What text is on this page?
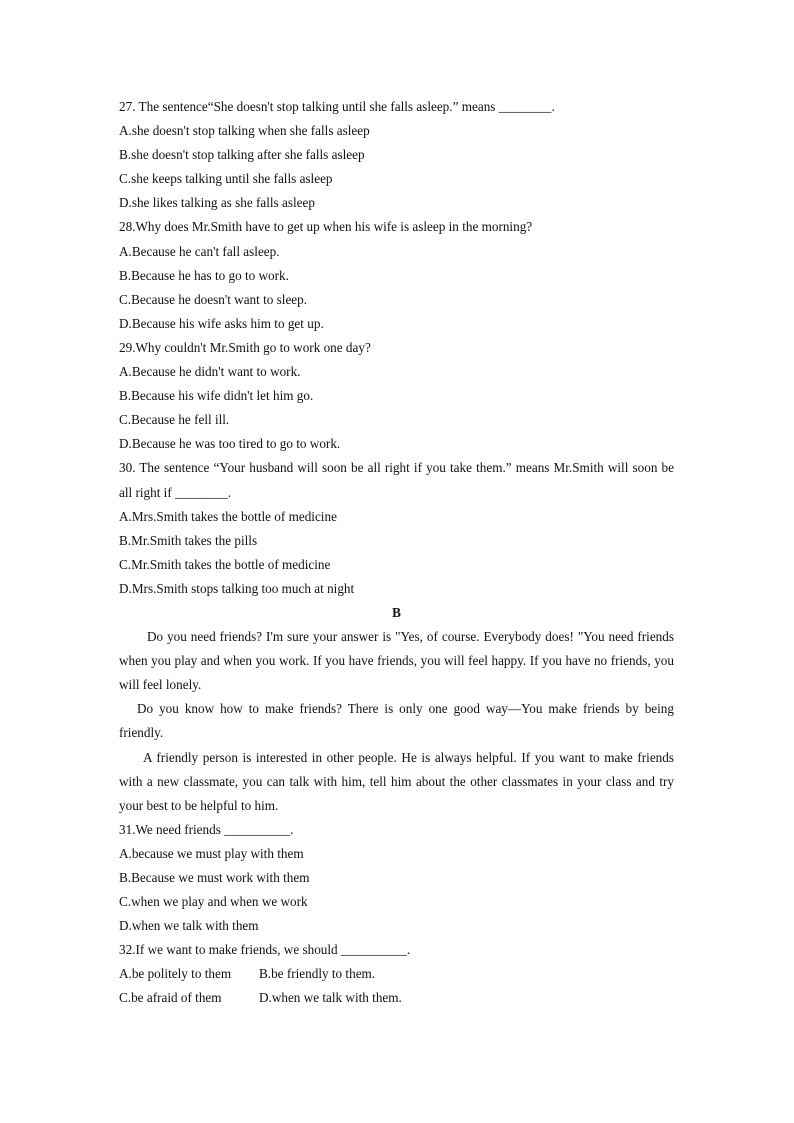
27. The sentence“She doesn't stop talking until she falls asleep.” means ________.
A.she doesn't stop talking when she falls asleep
B.she doesn't stop talking after she falls asleep
C.she keeps talking until she falls asleep
D.she likes talking as she falls asleep
28.Why does Mr.Smith have to get up when his wife is asleep in the morning?
A.Because he can't fall asleep.
B.Because he has to go to work.
C.Because he doesn't want to sleep.
D.Because his wife asks him to get up.
29.Why couldn't Mr.Smith go to work one day?
A.Because he didn't want to work.
B.Because his wife didn't let him go.
C.Because he fell ill.
D.Because he was too tired to go to work.
30. The sentence “Your husband will soon be all right if you take them.” means Mr.Smith will soon be all right if ________.
A.Mrs.Smith takes the bottle of medicine
B.Mr.Smith takes the pills
C.Mr.Smith takes the bottle of medicine
D.Mrs.Smith stops talking too much at night
B
Do you need friends? I'm sure your answer is "Yes, of course. Everybody does! "You need friends when you play and when you work. If you have friends, you will feel happy. If you have no friends, you will feel lonely.
Do you know how to make friends? There is only one good way—You make friends by being friendly.
A friendly person is interested in other people. He is always helpful. If you want to make friends with a new classmate, you can talk with him, tell him about the other classmates in your class and try your best to be helpful to him.
31.We need friends __________.
A.because we must play with them
B.Because we must work with them
C.when we play and when we work
D.when we talk with them
32.If we want to make friends, we should __________.
A.be politely to them B.be friendly to them.
C.be afraid of them	D.when we talk with them.
